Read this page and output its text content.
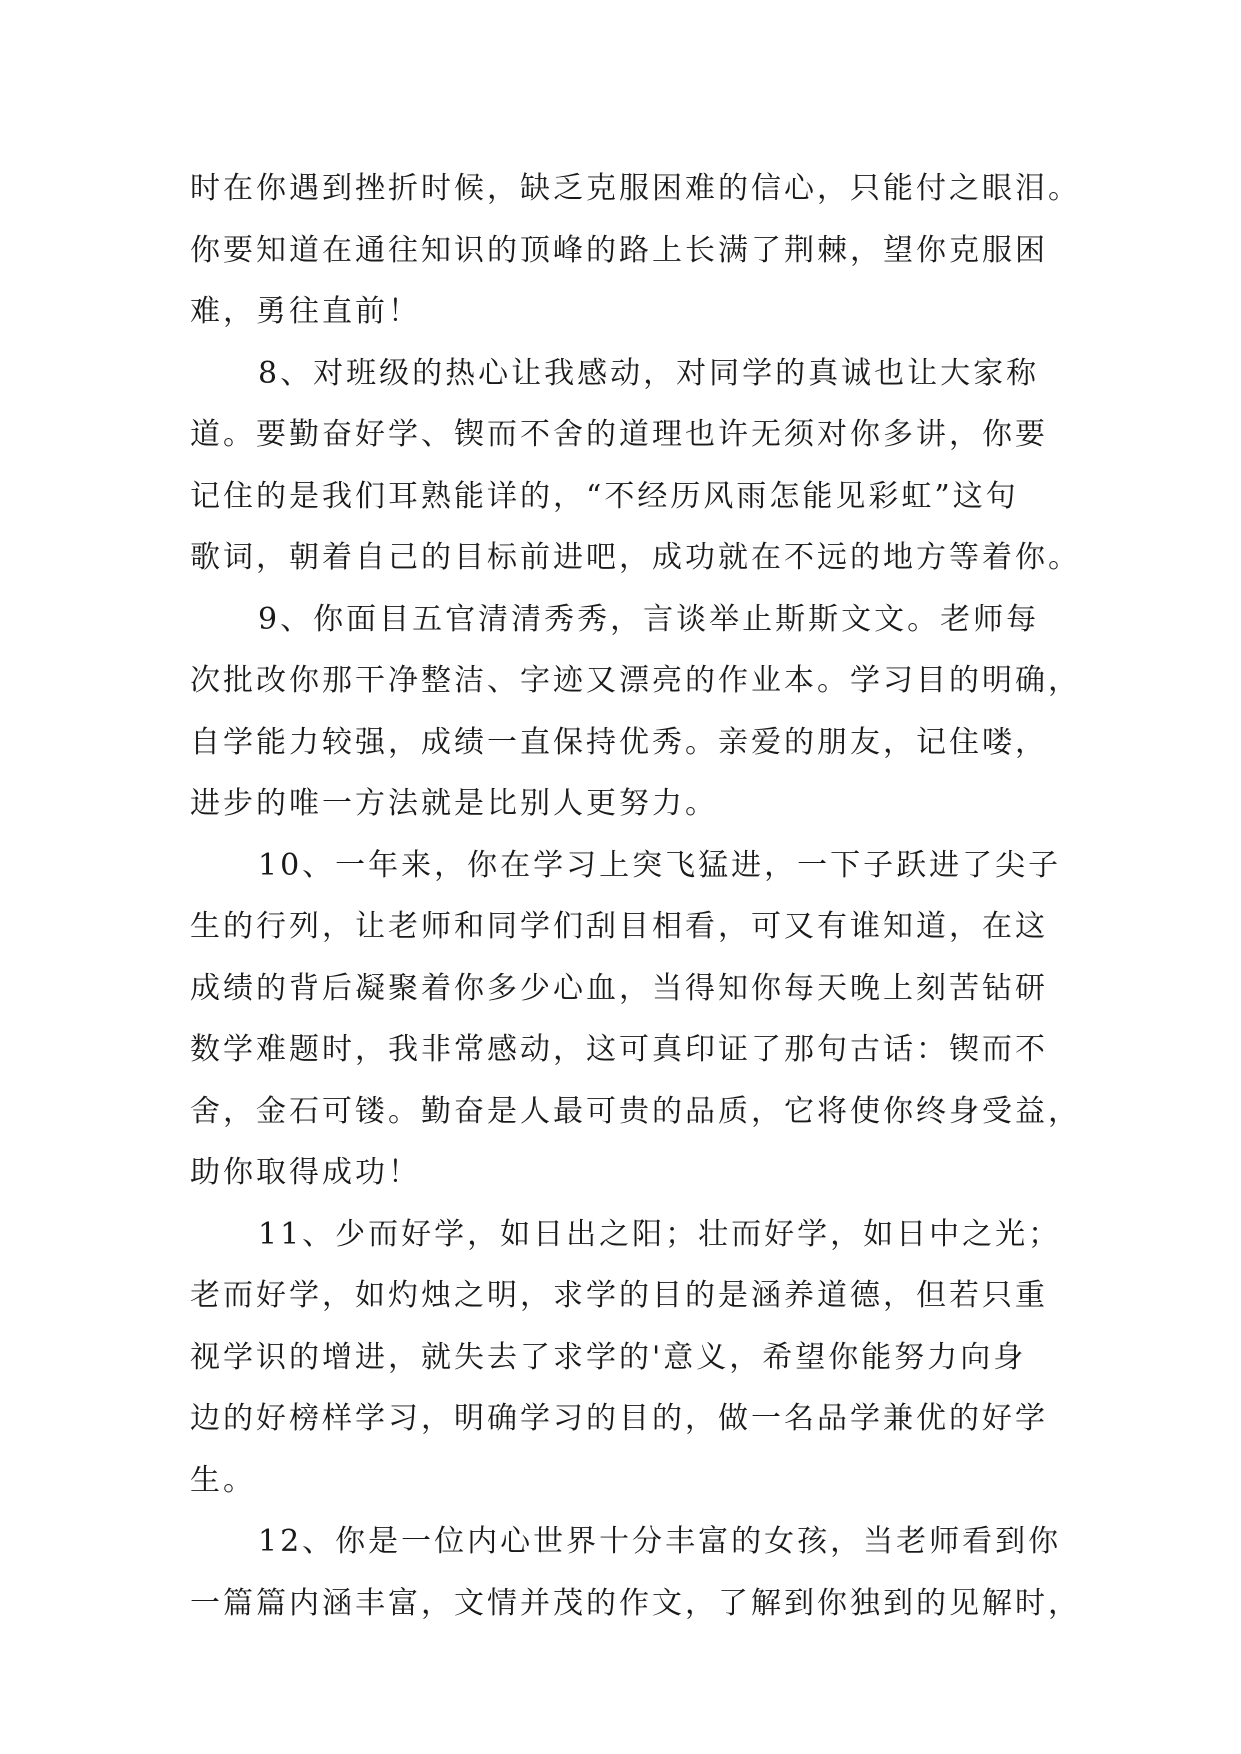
时在你遇到挫折时候，缺乏克服困难的信心，只能付之眼泪。
你要知道在通往知识的顶峰的路上长满了荆棘，望你克服困
难，勇往直前！
8、对班级的热心让我感动，对同学的真诚也让大家称
道。要勤奋好学、锲而不舍的道理也许无须对你多讲，你要
记住的是我们耳熟能详的，“不经历风雨怎能见彩虹”这句
歌词，朝着自己的目标前进吧，成功就在不远的地方等着你。
9、你面目五官清清秀秀，言谈举止斯斯文文。老师每
次批改你那干净整洁、字迹又漂亮的作业本。学习目的明确，
自学能力较强，成绩一直保持优秀。亲爱的朋友，记住喽，
进步的唯一方法就是比别人更努力。
10、一年来，你在学习上突飞猛进，一下子跃进了尖子
生的行列，让老师和同学们刮目相看，可又有谁知道，在这
成绩的背后凝聚着你多少心血，当得知你每天晚上刻苦钻研
数学难题时，我非常感动，这可真印证了那句古话：锲而不
舍，金石可镂。勤奋是人最可贵的品质，它将使你终身受益，
助你取得成功！
11、少而好学，如日出之阳；壮而好学，如日中之光；
老而好学，如灼烛之明，求学的目的是涵养道德，但若只重
视学识的增进，就失去了求学的'意义，希望你能努力向身
边的好榜样学习，明确学习的目的，做一名品学兼优的好学
生。
12、你是一位内心世界十分丰富的女孩，当老师看到你
一篇篇内涵丰富，文情并茂的作文，了解到你独到的见解时，
